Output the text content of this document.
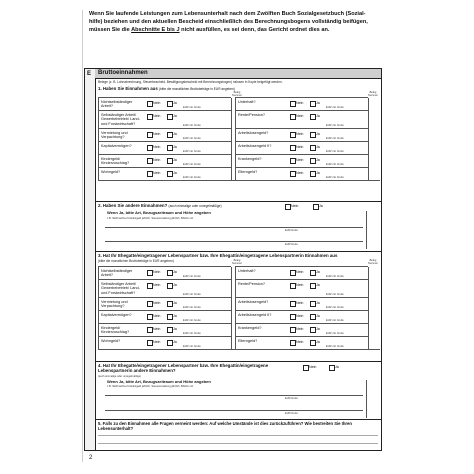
Wenn Sie laufende Leistungen zum Lebensunterhalt nach dem Zwölften Buch Sozialgesetzbuch (Sozial-
hilfe) beziehen und den aktuellen Bescheid einschließlich des Berechnungsbogens vollständig beifügen,
müssen Sie die Abschnitte E bis J nicht ausfüllen, es sei denn, das Gericht ordnet dies an.
E Bruttoeinnahmen
Belege (z. B. Lohnabrechnung, Steuerbescheid, Bewilligungsbescheid mit Berechnungsbogen) müssen in Kopie beigefügt werden.
1. Haben Sie Einnahmen aus (bitte die monatlichen Bruttobeträge in EUR angeben)
Beleg Nummer
Beleg Nummer
Nichtselbständiger Arbeit?
Nein	Ja
EUR mtl. brutto
Unterhalt?	Nein	Ja
EUR mtl. brutto
Selbständiger Arbeit/ Gewerbebetrieb/ Land- und Forstwirtschaft?
Nein	Ja
EUR mtl. brutto
Rente/Pension?	Nein	Ja
EUR mtl. brutto
Vermietung und Verpachtung?
Nein	Ja
EUR mtl. brutto
Arbeitslosengeld?	Nein	Ja
EUR mtl. brutto
Kapitalvermögen?	Nein	Ja
EUR mtl. brutto
Arbeitslosengeld II?	Nein	Ja
EUR mtl. brutto
Kindergeld/ Kinderzuschlag?
Nein	Ja
EUR mtl. brutto
Krankengeld?	Nein	Ja
EUR mtl. brutto
Wohngeld?	Nein	Ja
EUR mtl. brutto
Elterngeld?	Nein	Ja
EUR mtl. brutto
2. Haben Sie andere Einnahmen? (auch einmalige oder unregelmäßige)	Nein	Ja
Wenn Ja, bitte Art, Bezugszeitraum und Höhe angeben
z.B. Weihnachts-/Urlaubsgeld jährlich, Steuererstattung jährlich, BAföG mtl.
EUR brutto
EUR brutto
3. Hat Ihr Ehegatte/eingetragener Lebenspartner bzw. Ihre Ehegattin/eingetragene Lebenspartnerin Einnahmen aus
(bitte die monatlichen Bruttobeträge in EUR angeben)	Beleg Nummer
Beleg Nummer
Nichtselbständiger Arbeit?
Nein	Ja
EUR mtl. brutto
Unterhalt?	Nein	Ja
EUR mtl. brutto
Selbständiger Arbeit/ Gewerbebetrieb/ Land- und Forstwirtschaft?
Nein	Ja
EUR mtl. brutto
Rente/Pension?	Nein	Ja
EUR mtl. brutto
Vermietung und Verpachtung?
Nein	Ja
EUR mtl. brutto
Arbeitslosengeld?	Nein	Ja
EUR mtl. brutto
Kapitalvermögen?	Nein	Ja
EUR mtl. brutto
Arbeitslosengeld II?	Nein	Ja
EUR mtl. brutto
Kindergeld/ Kinderzuschlag?
Nein	Ja
EUR mtl. brutto
Krankengeld?	Nein	Ja
EUR mtl. brutto
Wohngeld?	Nein	Ja
EUR mtl. brutto
Elterngeld?	Nein	Ja
EUR mtl. brutto
4. Hat Ihr Ehegatte/eingetragener Lebenspartner bzw. Ihre Ehegattin/eingetragene Lebenspartnerin andere Einnahmen?
(auch einmalige oder unregelmäßige)
Nein	Ja
Wenn Ja, bitte Art, Bezugszeitraum und Höhe angeben
z.B. Weihnachts-/Urlaubsgeld jährlich, Steuererstattung jährlich, BAföG mtl.
EUR brutto
EUR brutto
5. Falls zu den Einnahmen alle Fragen verneint werden: Auf welche Umstände ist dies zurückzuführen? Wie bestreiten Sie Ihren Lebensunterhalt?
2
